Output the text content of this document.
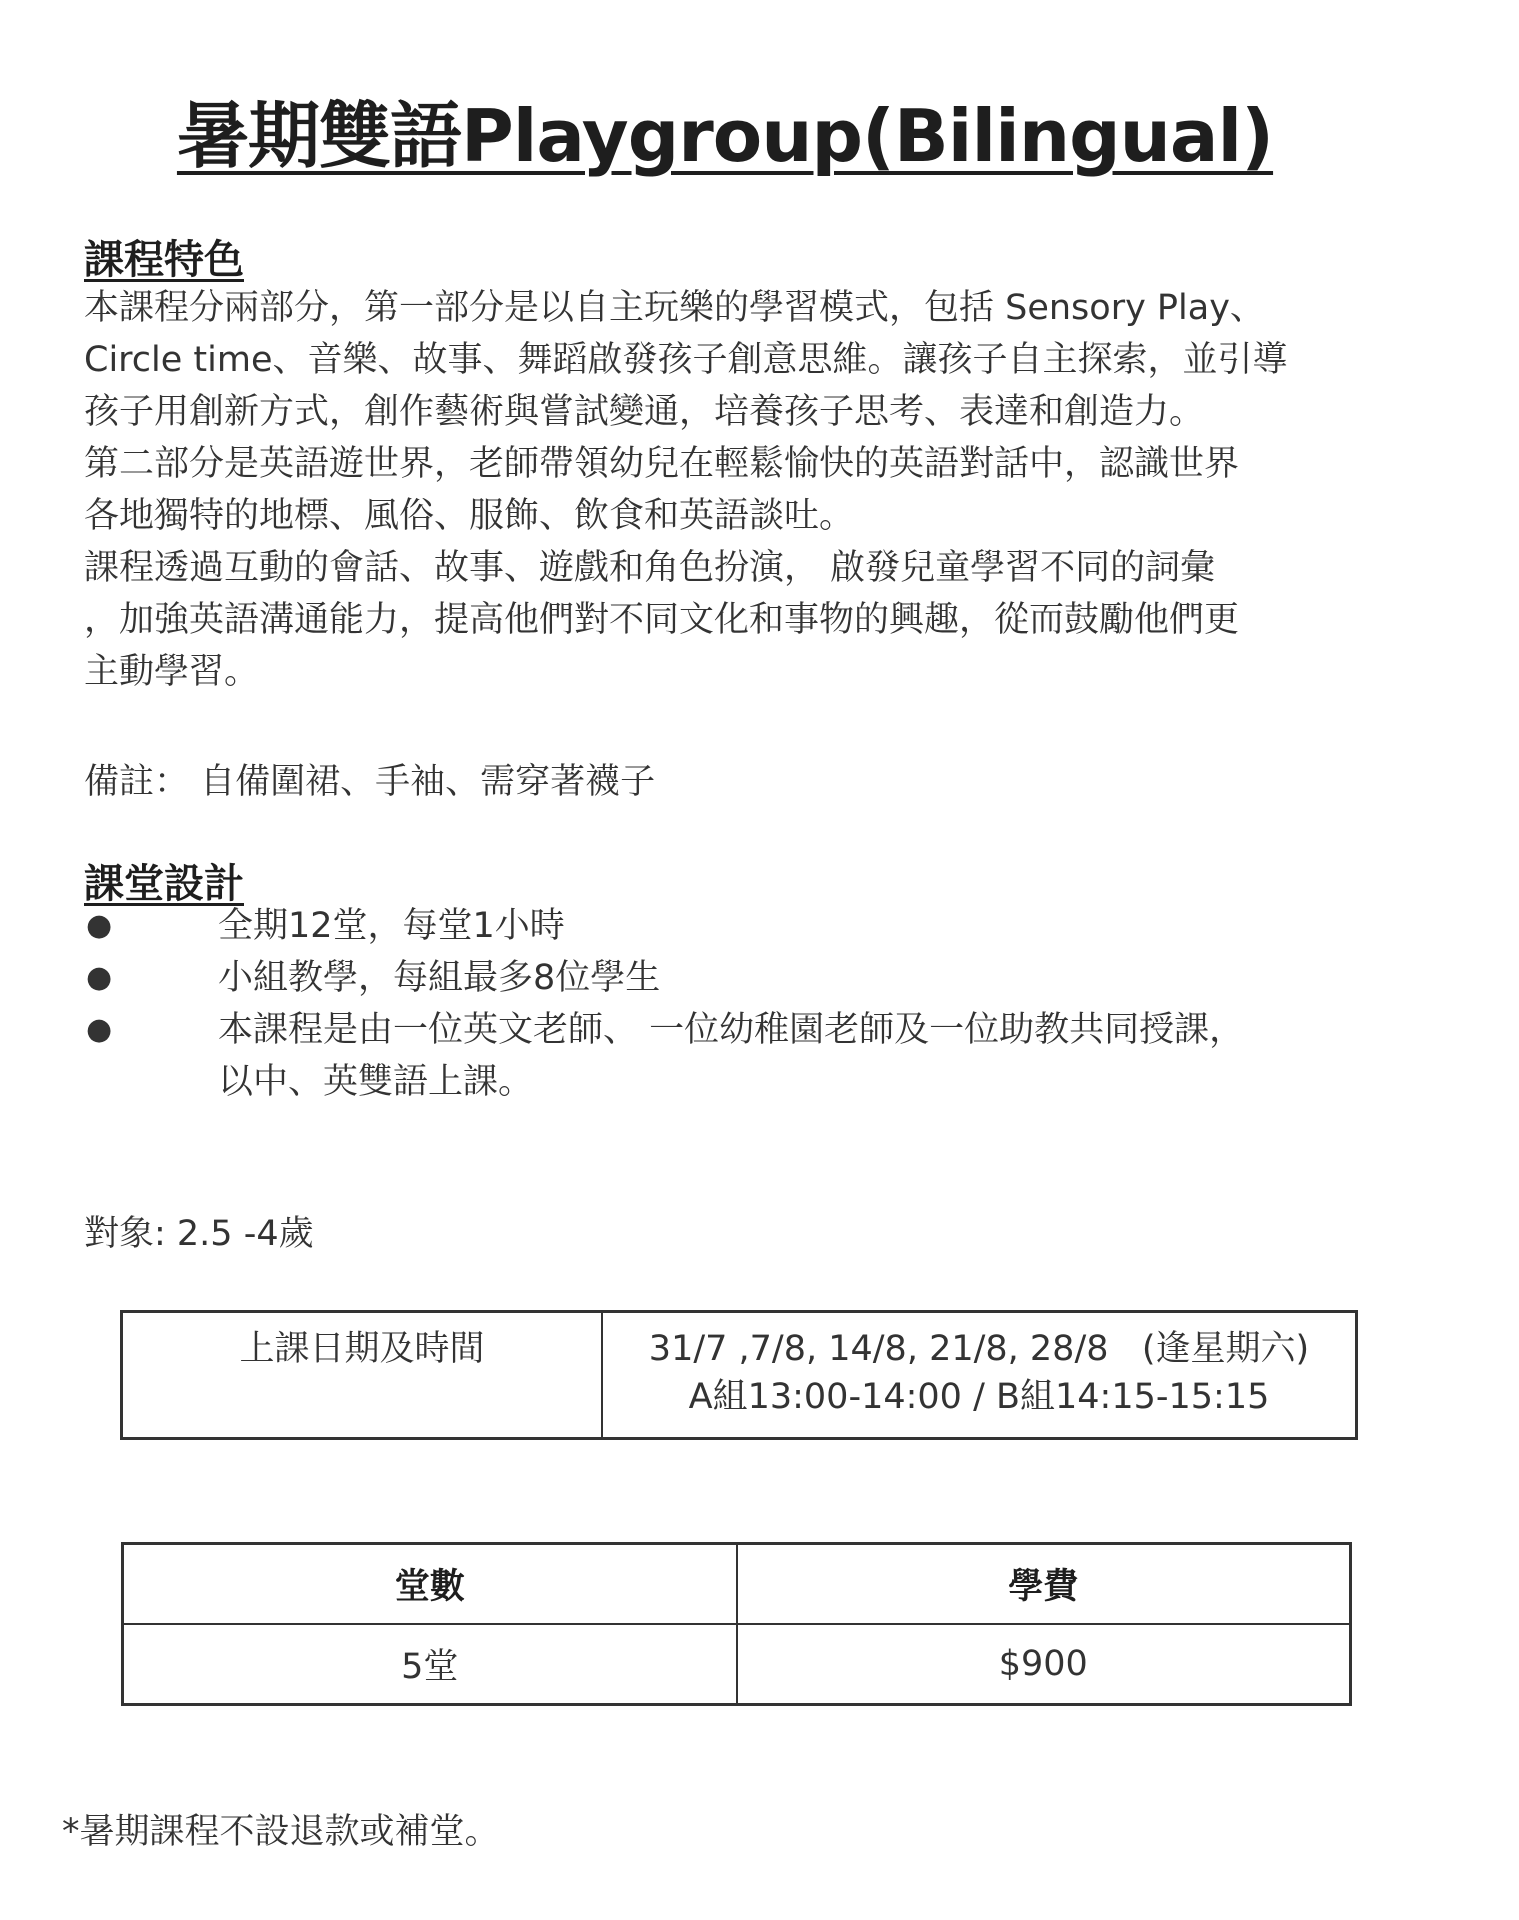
暑期雙語Playgroup(Bilingual)
課程特色

本課程分兩部分，第一部分是以自主玩樂的學習模式，包括 Sensory Play、
Circle time、音樂、故事、舞蹈啟發孩子創意思維。讓孩子自主探索，並引導
孩子用創新方式，創作藝術與嘗試變通，培養孩子思考、表達和創造力。

第二部分是英語遊世界，老師帶領幼兒在輕鬆愉快的英語對話中，認識世界
各地獨特的地標、風俗、服飾、飲食和英語談吐。

課程透過互動的會話、故事、遊戲和角色扮演， 啟發兒童學習不同的詞彙
，加強英語溝通能力，提高他們對不同文化和事物的興趣，從而鼓勵他們更
主動學習。

備註： 自備圍裙、手袖、需穿著襪子
課堂設計
●	全期12堂，每堂1小時
●	小組教學，每組最多8位學生
●	本課程是由一位英文老師、 一位幼稚園老師及一位助教共同授課，
以中、英雙語上課。
對象: 2.5 -4歲
上課日期及時間	31/7 ,7/8, 14/8, 21/8, 28/8   (逢星期六)
A組13:00-14:00 / B組14:15-15:15
堂數	學費
5堂	$900
*暑期課程不設退款或補堂。
